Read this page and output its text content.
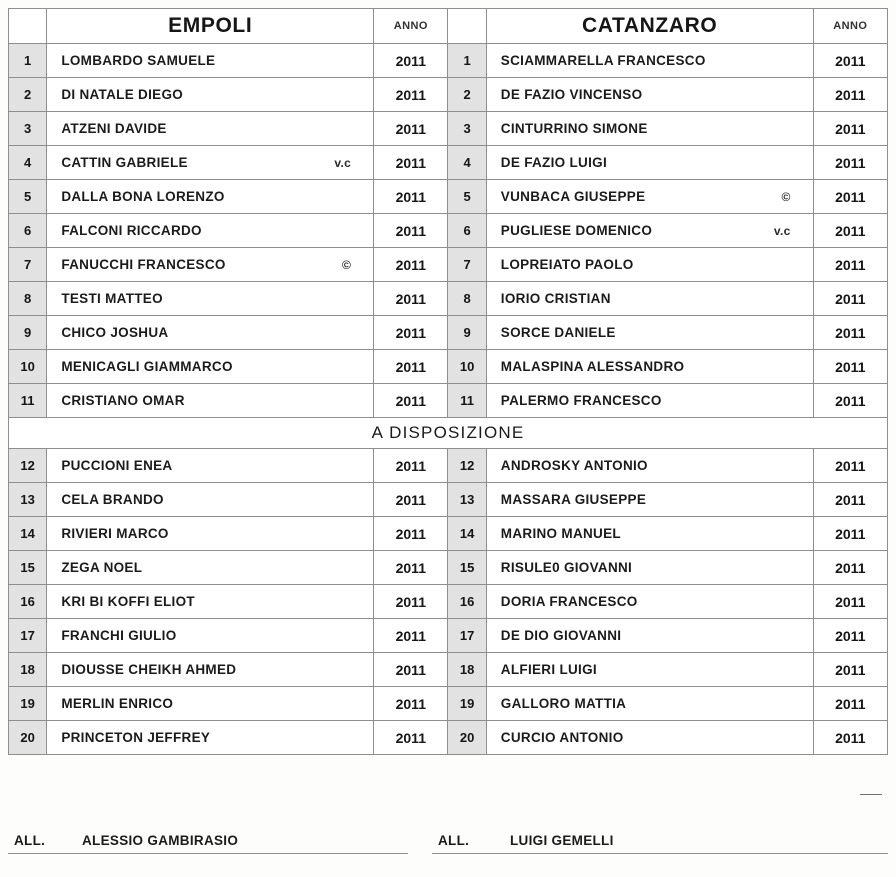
	EMPOLI	ANNO		CATANZARO	ANNO
1	LOMBARDO SAMUELE	2011	1	SCIAMMARELLA FRANCESCO	2011
2	DI NATALE DIEGO	2011	2	DE FAZIO VINCENSO	2011
3	ATZENI DAVIDE	2011	3	CINTURRINO SIMONE	2011
4	CATTIN GABRIELE v.c	2011	4	DE FAZIO LUIGI	2011
5	DALLA BONA LORENZO	2011	5	VUNBACA GIUSEPPE ©	2011
6	FALCONI RICCARDO	2011	6	PUGLIESE DOMENICO v.c	2011
7	FANUCCHI FRANCESCO ©	2011	7	LOPREIATO PAOLO	2011
8	TESTI MATTEO	2011	8	IORIO CRISTIAN	2011
9	CHICO JOSHUA	2011	9	SORCE DANIELE	2011
10	MENICAGLI GIAMMARCO	2011	10	MALASPINA ALESSANDRO	2011
11	CRISTIANO OMAR	2011	11	PALERMO FRANCESCO	2011
A DISPOSIZIONE					
12	PUCCIONI ENEA	2011	12	ANDROSKY ANTONIO	2011
13	CELA BRANDO	2011	13	MASSARA GIUSEPPE	2011
14	RIVIERI MARCO	2011	14	MARINO MANUEL	2011
15	ZEGA NOEL	2011	15	RISULE0 GIOVANNI	2011
16	KRI BI KOFFI ELIOT	2011	16	DORIA FRANCESCO	2011
17	FRANCHI GIULIO	2011	17	DE DIO GIOVANNI	2011
18	DIOUSSE CHEIKH AHMED	2011	18	ALFIERI LUIGI	2011
19	MERLIN ENRICO	2011	19	GALLORO MATTIA	2011
20	PRINCETON JEFFREY	2011	20	CURCIO ANTONIO	2011
ALL.	ALESSIO GAMBIRASIO	ALL.	LUIGI GEMELLI
